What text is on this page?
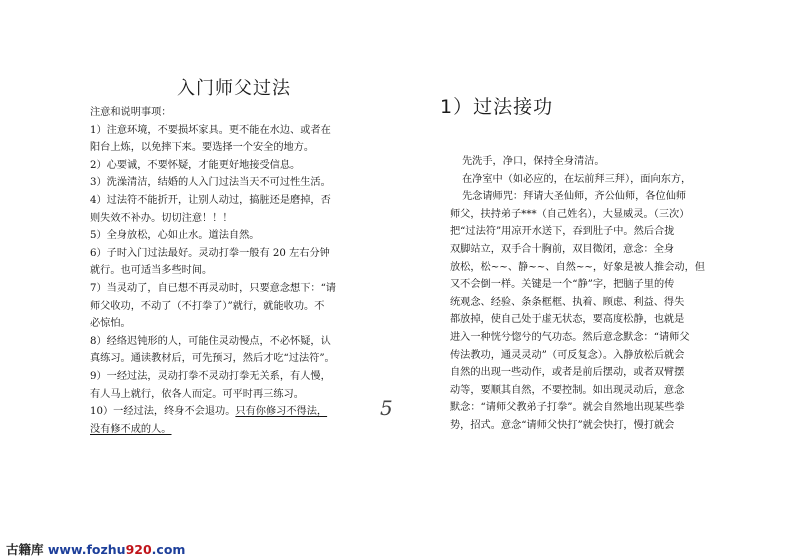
入门师父过法
注意和说明事项：
1）注意环境，不要损坏家具。更不能在水边、或者在
阳台上炼，以免摔下来。要选择一个安全的地方。
2）心要诚，不要怀疑，才能更好地接受信息。
3）洗澡清洁，结婚的人入门过法当天不可过性生活。
4）过法符不能折开，让别人动过，搞脏还是磨掉，否
则失效不补办。切切注意！！！
5）全身放松，心如止水。道法自然。
6）子时入门过法最好。灵动打拳一般有 20 左右分钟
就行。也可适当多些时间。
7）当灵动了，自已想不再灵动时，只要意念想下：“请
师父收功，不动了（不打拳了）”就行，就能收功。不
必惊怕。
8）经络迟钝形的人，可能住灵动慢点，不必怀疑，认
真练习。通读教材后，可先预习，然后才吃“过法符”。
9）一经过法，灵动打拳不灵动打拳无关系，有人慢，
有人马上就行，依各人而定。可平时再三练习。
10）一经过法，终身不会退功。只有你修习不得法，
没有修不成的人。
1）过法接功
先洗手，净口，保持全身清洁。
在净室中（如必应的，在坛前拜三拜），面向东方，
先念请师咒：拜请大圣仙师，齐公仙师，各位仙师
师父，扶持弟子***（自己姓名），大显威灵。（三次）
把“过法符”用凉开水送下，吞到肚子中。然后合拢
双脚站立，双手合十胸前，双目微闭，意念：全身
放松，松~~、静~~、自然~~，好象是被人推会动，但
又不会倒一样。关键是一个“静”字，把脑子里的传
统观念、经验、条条框框、执着、顾虑、利益、得失
都放掉，使自己处于虚无状态，要高度松静，也就是
进入一种恍兮惚兮的气功态。然后意念默念：“请师父
传法教功，通灵灵动”（可反复念）。入静放松后就会
自然的出现一些动作，或者是前后摆动，或者双臂摆
动等，要顺其自然，不要控制。如出现灵动后，意念
默念：“请师父教弟子打拳”。就会自然地出现某些拳
势，招式。意念“请师父快打”就会快打，慢打就会
5
古籍库 www.fozhu920.com
